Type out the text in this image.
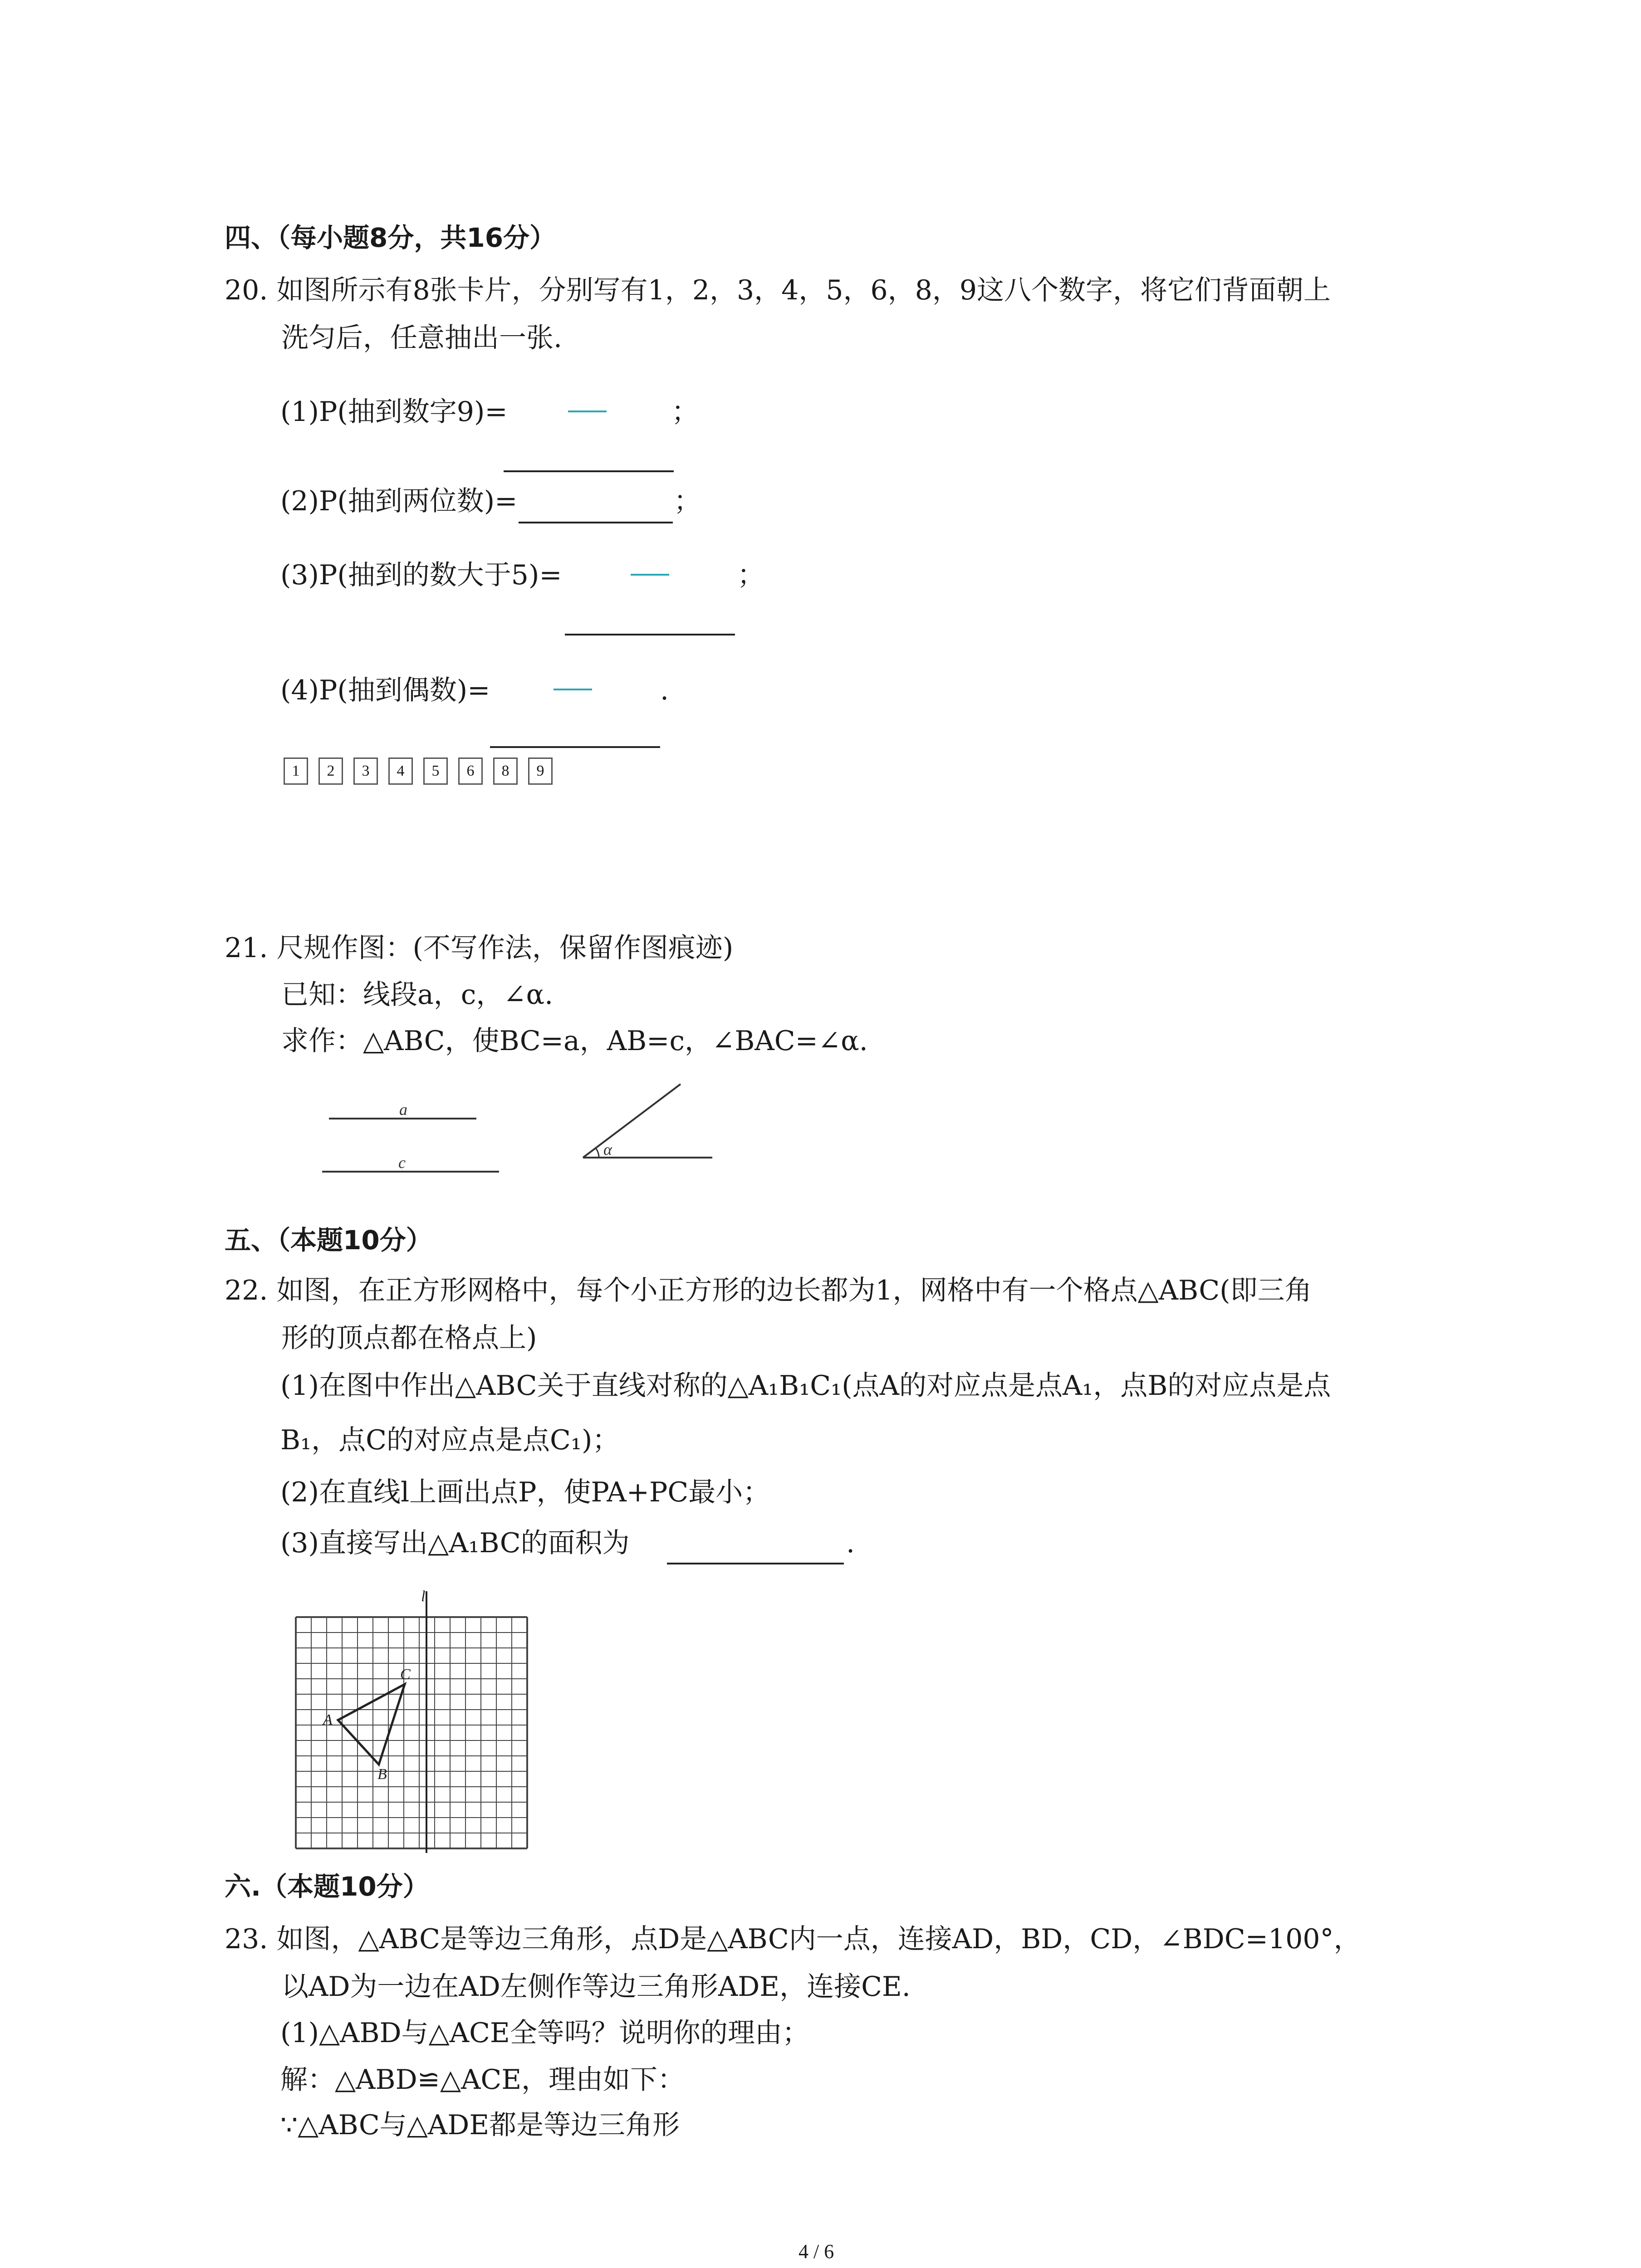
四、（每小题8分，共16分）
20. 如图所示有8张卡片，分别写有1，2，3，4，5，6，8，9这八个数字，将它们背面朝上
洗匀后，任意抽出一张.
(1)P(抽到数字9)=	；
(2)P(抽到两位数)=	；
(3)P(抽到的数大于5)=	；
(4)P(抽到偶数)=	.
1	2	3	4	5	6	8	9
21. 尺规作图：(不写作法，保留作图痕迹)
已知：线段a，c，∠α.
求作：△ABC，使BC=a，AB=c，∠BAC=∠α.
a
c
α
五、（本题10分）
22. 如图，在正方形网格中，每个小正方形的边长都为1，网格中有一个格点△ABC(即三角
形的顶点都在格点上)
(1)在图中作出△ABC关于直线对称的△A₁B₁C₁(点A的对应点是点A₁，点B的对应点是点
B₁，点C的对应点是点C₁)；
(2)在直线l上画出点P，使PA+PC最小；
(3)直接写出△A₁BC的面积为	.
l
A
C
B
六.（本题10分）
23. 如图，△ABC是等边三角形，点D是△ABC内一点，连接AD，BD，CD，∠BDC=100°，
以AD为一边在AD左侧作等边三角形ADE，连接CE.
(1)△ABD与△ACE全等吗？说明你的理由；
解：△ABD≌△ACE，理由如下：
∵△ABC与△ADE都是等边三角形
4 / 6
